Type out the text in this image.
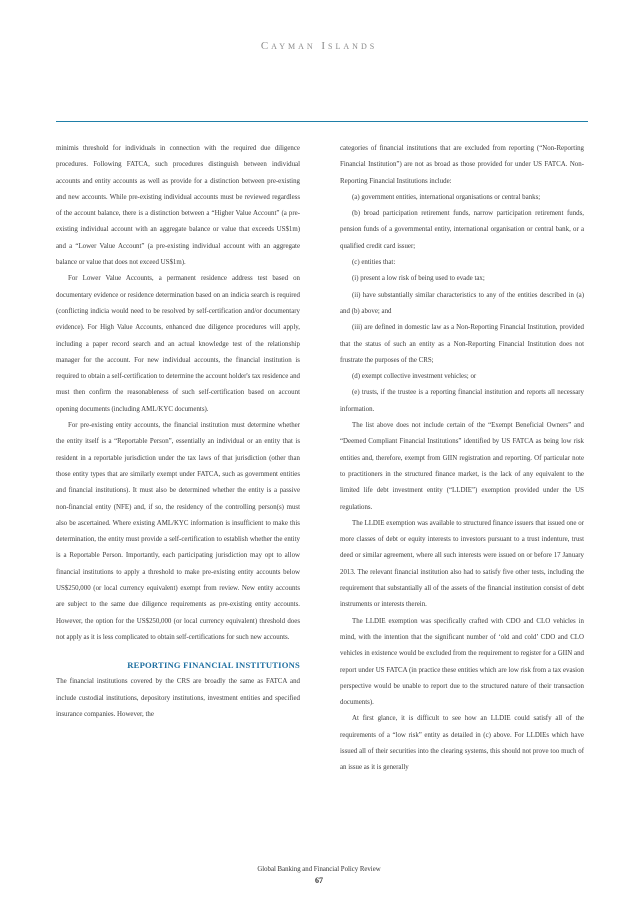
Cayman Islands

minimis threshold for individuals in connection with the required due diligence procedures. Following FATCA, such procedures distinguish between individual accounts and entity accounts as well as provide for a distinction between pre-existing and new accounts. While pre-existing individual accounts must be reviewed regardless of the account balance, there is a distinction between a “Higher Value Account” (a pre-existing individual account with an aggregate balance or value that exceeds US$1m) and a “Lower Value Account” (a pre-existing individual account with an aggregate balance or value that does not exceed US$1m).

For Lower Value Accounts, a permanent residence address test based on documentary evidence or residence determination based on an indicia search is required (conflicting indicia would need to be resolved by self-certification and/or documentary evidence). For High Value Accounts, enhanced due diligence procedures will apply, including a paper record search and an actual knowledge test of the relationship manager for the account. For new individual accounts, the financial institution is required to obtain a self-certification to determine the account holder's tax residence and must then confirm the reasonableness of such self-certification based on account opening documents (including AML/KYC documents).

For pre-existing entity accounts, the financial institution must determine whether the entity itself is a “Reportable Person”, essentially an individual or an entity that is resident in a reportable jurisdiction under the tax laws of that jurisdiction (other than those entity types that are similarly exempt under FATCA, such as government entities and financial institutions). It must also be determined whether the entity is a passive non-financial entity (NFE) and, if so, the residency of the controlling person(s) must also be ascertained. Where existing AML/KYC information is insufficient to make this determination, the entity must provide a self-certification to establish whether the entity is a Reportable Person. Importantly, each participating jurisdiction may opt to allow financial institutions to apply a threshold to make pre-existing entity accounts below US$250,000 (or local currency equivalent) exempt from review. New entity accounts are subject to the same due diligence requirements as pre-existing entity accounts. However, the option for the US$250,000 (or local currency equivalent) threshold does not apply as it is less complicated to obtain self-certifications for such new accounts.

REPORTING FINANCIAL INSTITUTIONS

The financial institutions covered by the CRS are broadly the same as FATCA and include custodial institutions, depository institutions, investment entities and specified insurance companies. However, the

categories of financial institutions that are excluded from reporting (“Non-Reporting Financial Institution”) are not as broad as those provided for under US FATCA. Non-Reporting Financial Institutions include:

(a) government entities, international organisations or central banks;

(b) broad participation retirement funds, narrow participation retirement funds, pension funds of a governmental entity, international organisation or central bank, or a qualified credit card issuer;

(c) entities that:

(i) present a low risk of being used to evade tax;

(ii) have substantially similar characteristics to any of the entities described in (a) and (b) above; and

(iii) are defined in domestic law as a Non-Reporting Financial Institution, provided that the status of such an entity as a Non-Reporting Financial Institution does not frustrate the purposes of the CRS;

(d) exempt collective investment vehicles; or

(e) trusts, if the trustee is a reporting financial institution and reports all necessary information.

The list above does not include certain of the “Exempt Beneficial Owners” and “Deemed Compliant Financial Institutions” identified by US FATCA as being low risk entities and, therefore, exempt from GIIN registration and reporting. Of particular note to practitioners in the structured finance market, is the lack of any equivalent to the limited life debt investment entity (“LLDIE”) exemption provided under the US regulations.

The LLDIE exemption was available to structured finance issuers that issued one or more classes of debt or equity interests to investors pursuant to a trust indenture, trust deed or similar agreement, where all such interests were issued on or before 17 January 2013. The relevant financial institution also had to satisfy five other tests, including the requirement that substantially all of the assets of the financial institution consist of debt instruments or interests therein.

The LLDIE exemption was specifically crafted with CDO and CLO vehicles in mind, with the intention that the significant number of ‘old and cold’ CDO and CLO vehicles in existence would be excluded from the requirement to register for a GIIN and report under US FATCA (in practice these entities which are low risk from a tax evasion perspective would be unable to report due to the structured nature of their transaction documents).

At first glance, it is difficult to see how an LLDIE could satisfy all of the requirements of a “low risk” entity as detailed in (c) above. For LLDIEs which have issued all of their securities into the clearing systems, this should not prove too much of an issue as it is generally

Global Banking and Financial Policy Review
67
